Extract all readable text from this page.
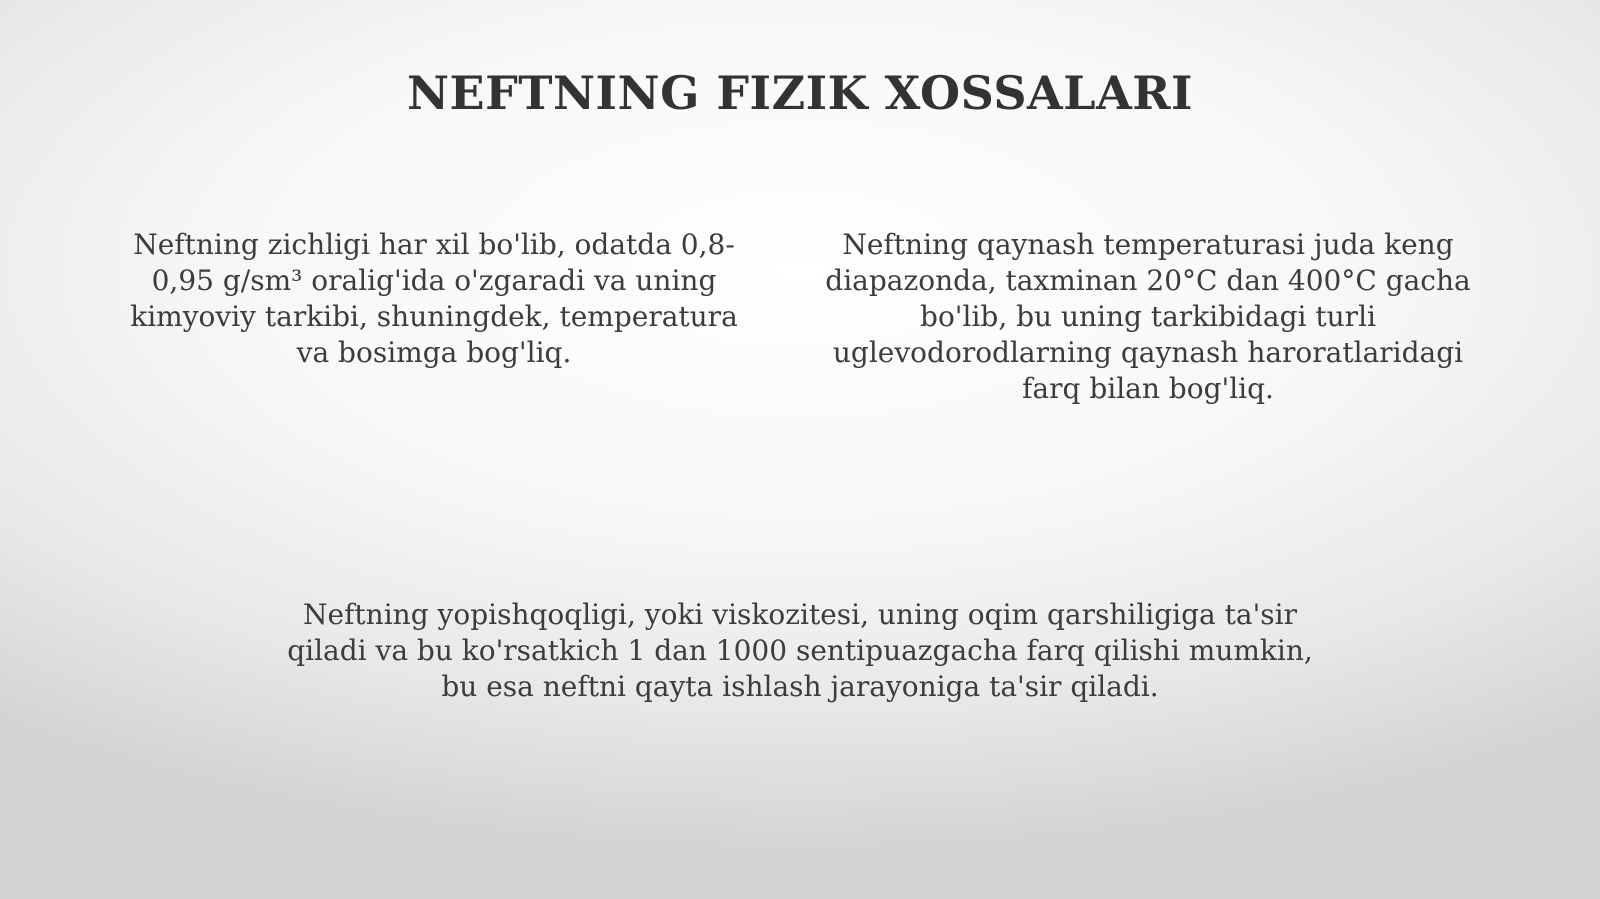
NEFTNING FIZIK XOSSALARI

Neftning zichligi har xil bo'lib, odatda 0,8-0,95 g/sm³ oralig'ida o'zgaradi va uning kimyoviy tarkibi, shuningdek, temperatura va bosimga bog'liq.

Neftning qaynash temperaturasi juda keng diapazonda, taxminan 20°C dan 400°C gacha bo'lib, bu uning tarkibidagi turli uglevodorodlarning qaynash haroratlaridagi farq bilan bog'liq.

Neftning yopishqoqligi, yoki viskozitesi, uning oqim qarshiligiga ta'sir qiladi va bu ko'rsatkich 1 dan 1000 sentipuazgacha farq qilishi mumkin, bu esa neftni qayta ishlash jarayoniga ta'sir qiladi.
